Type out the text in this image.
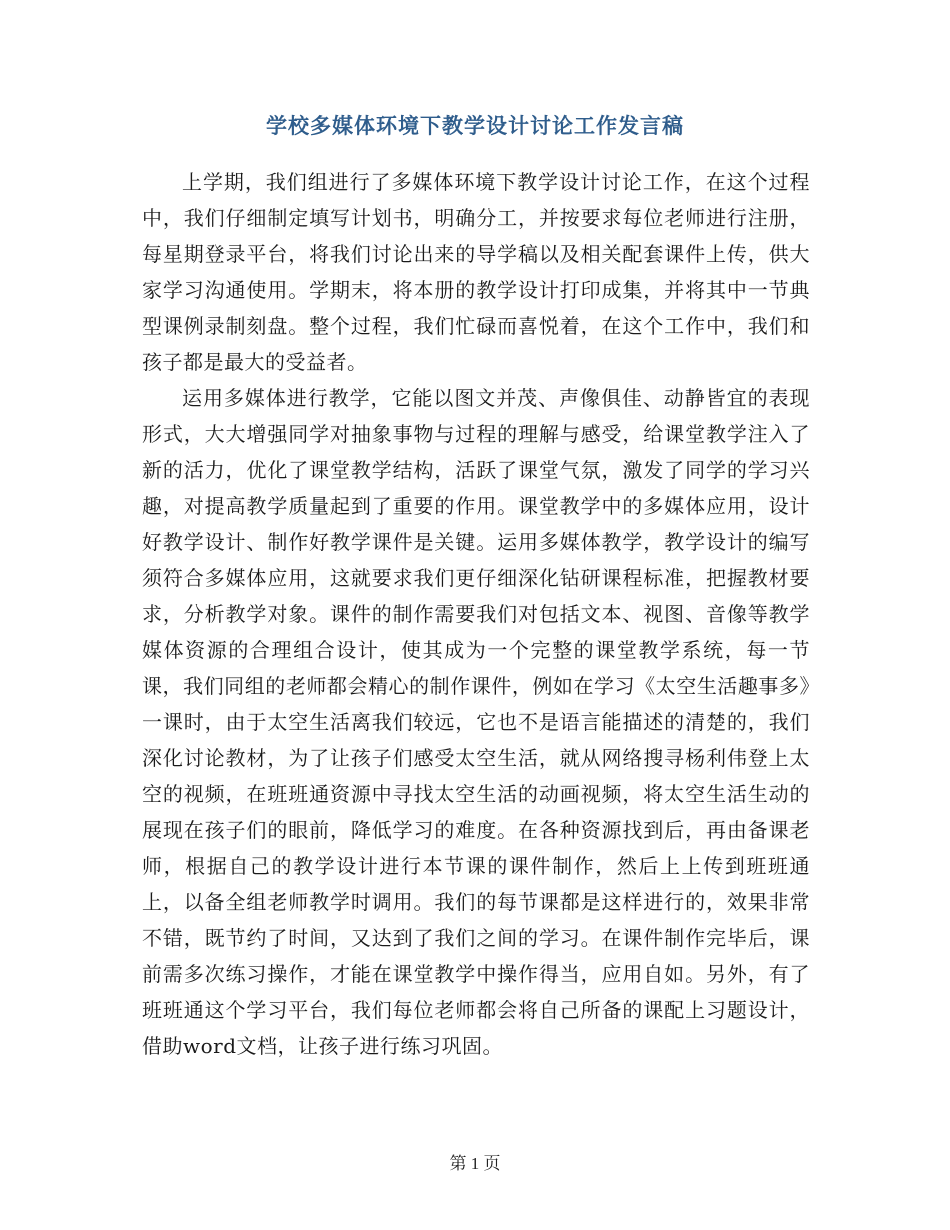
学校多媒体环境下教学设计讨论工作发言稿

上学期，我们组进行了多媒体环境下教学设计讨论工作，在这个过程中，我们仔细制定填写计划书，明确分工，并按要求每位老师进行注册，每星期登录平台，将我们讨论出来的导学稿以及相关配套课件上传，供大家学习沟通使用。学期末，将本册的教学设计打印成集，并将其中一节典型课例录制刻盘。整个过程，我们忙碌而喜悦着，在这个工作中，我们和孩子都是最大的受益者。

运用多媒体进行教学，它能以图文并茂、声像俱佳、动静皆宜的表现形式，大大增强同学对抽象事物与过程的理解与感受，给课堂教学注入了新的活力，优化了课堂教学结构，活跃了课堂气氛，激发了同学的学习兴趣，对提高教学质量起到了重要的作用。课堂教学中的多媒体应用，设计好教学设计、制作好教学课件是关键。运用多媒体教学，教学设计的编写须符合多媒体应用，这就要求我们更仔细深化钻研课程标准，把握教材要求，分析教学对象。课件的制作需要我们对包括文本、视图、音像等教学媒体资源的合理组合设计，使其成为一个完整的课堂教学系统，每一节课，我们同组的老师都会精心的制作课件，例如在学习《太空生活趣事多》一课时，由于太空生活离我们较远，它也不是语言能描述的清楚的，我们深化讨论教材，为了让孩子们感受太空生活，就从网络搜寻杨利伟登上太空的视频，在班班通资源中寻找太空生活的动画视频，将太空生活生动的展现在孩子们的眼前，降低学习的难度。在各种资源找到后，再由备课老师，根据自己的教学设计进行本节课的课件制作，然后上上传到班班通上，以备全组老师教学时调用。我们的每节课都是这样进行的，效果非常不错，既节约了时间，又达到了我们之间的学习。在课件制作完毕后，课前需多次练习操作，才能在课堂教学中操作得当，应用自如。另外，有了班班通这个学习平台，我们每位老师都会将自己所备的课配上习题设计，借助word文档，让孩子进行练习巩固。

第 1 页
